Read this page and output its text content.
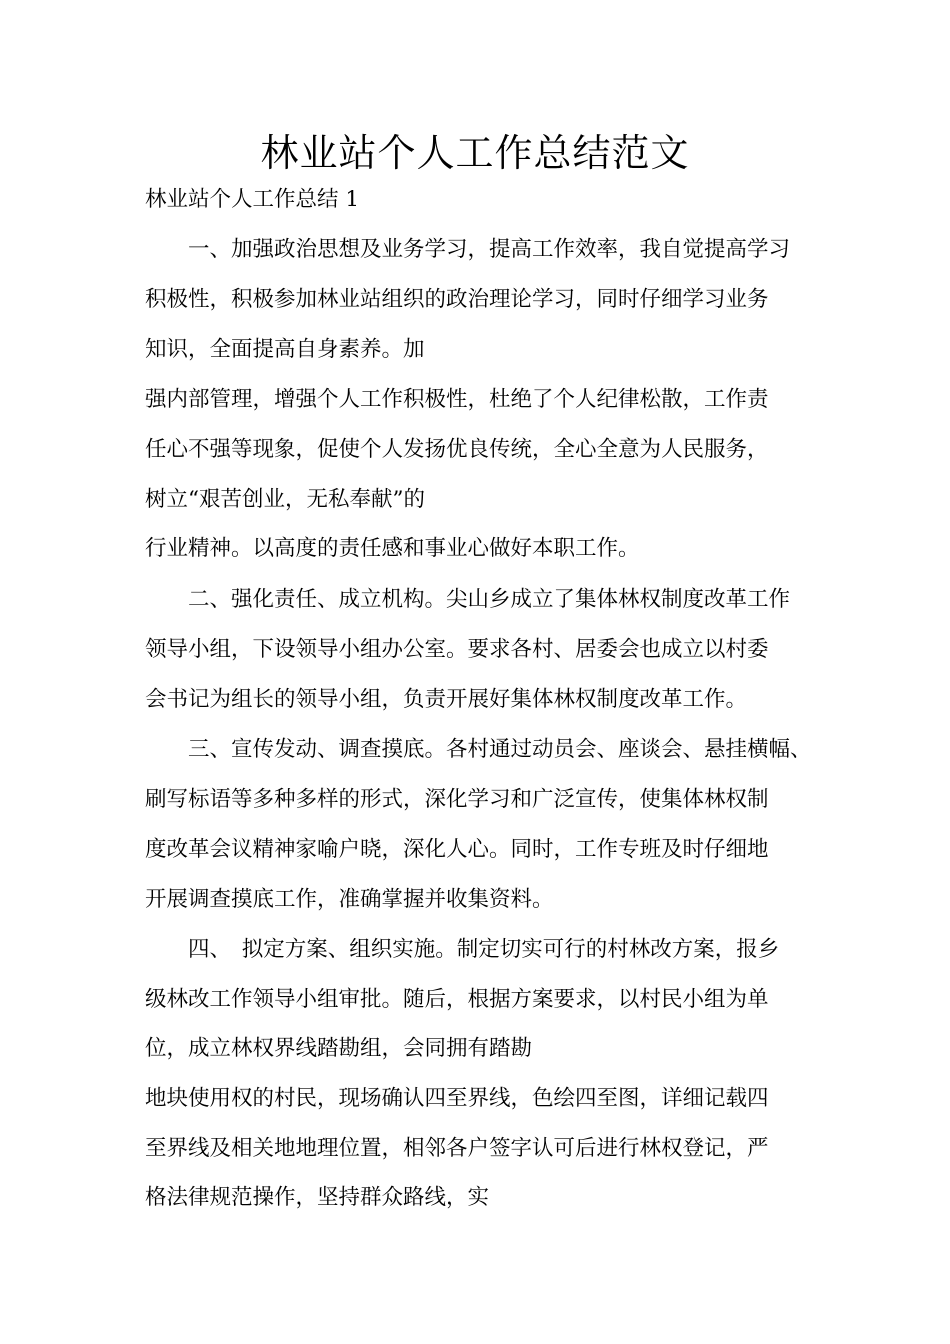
林业站个人工作总结范文

林业站个人工作总结 1

　　一、加强政治思想及业务学习，提高工作效率，我自觉提高学习

积极性，积极参加林业站组织的政治理论学习，同时仔细学习业务

知识，全面提高自身素养。加

强内部管理，增强个人工作积极性，杜绝了个人纪律松散，工作责

任心不强等现象，促使个人发扬优良传统，全心全意为人民服务，

树立“艰苦创业，无私奉献”的

行业精神。以高度的责任感和事业心做好本职工作。

　　二、强化责任、成立机构。尖山乡成立了集体林权制度改革工作

领导小组，下设领导小组办公室。要求各村、居委会也成立以村委

会书记为组长的领导小组，负责开展好集体林权制度改革工作。

　　三、宣传发动、调查摸底。各村通过动员会、座谈会、悬挂横幅、

刷写标语等多种多样的形式，深化学习和广泛宣传，使集体林权制

度改革会议精神家喻户晓，深化人心。同时，工作专班及时仔细地

开展调查摸底工作，准确掌握并收集资料。

　　四、　拟定方案、组织实施。制定切实可行的村林改方案，报乡

级林改工作领导小组审批。随后，根据方案要求，以村民小组为单

位，成立林权界线踏勘组，会同拥有踏勘

地块使用权的村民，现场确认四至界线，色绘四至图，详细记载四

至界线及相关地地理位置，相邻各户签字认可后进行林权登记，严

格法律规范操作，坚持群众路线，实
